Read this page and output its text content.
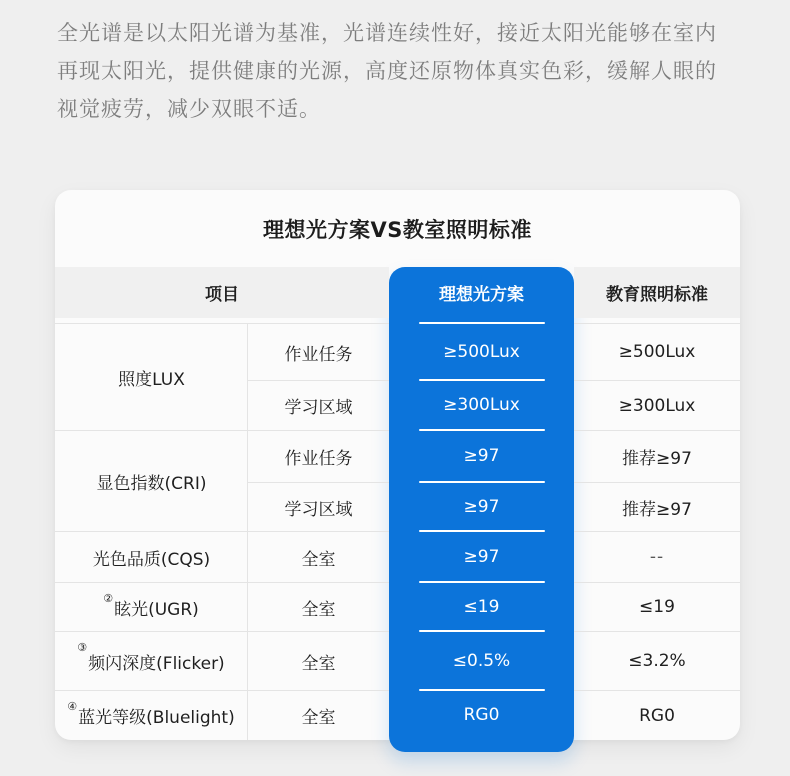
全光谱是以太阳光谱为基准，光谱连续性好，接近太阳光能够在室内
再现太阳光，提供健康的光源，高度还原物体真实色彩，缓解人眼的
视觉疲劳，减少双眼不适。
理想光方案VS教室照明标准
项目	理想光方案	教育照明标准
照度LUX
显色指数(CRI)
光色品质(CQS)
②
眩光(UGR)
③
频闪深度(Flicker)
④
蓝光等级(Bluelight)
作业任务
学习区域
作业任务
学习区域
全室
全室
全室
全室
≥500Lux
≥300Lux
≥97
≥97
≥97
≤19
≤0.5%
RG0
≥500Lux
≥300Lux
推荐≥97
推荐≥97
--
≤19
≤3.2%
RG0
